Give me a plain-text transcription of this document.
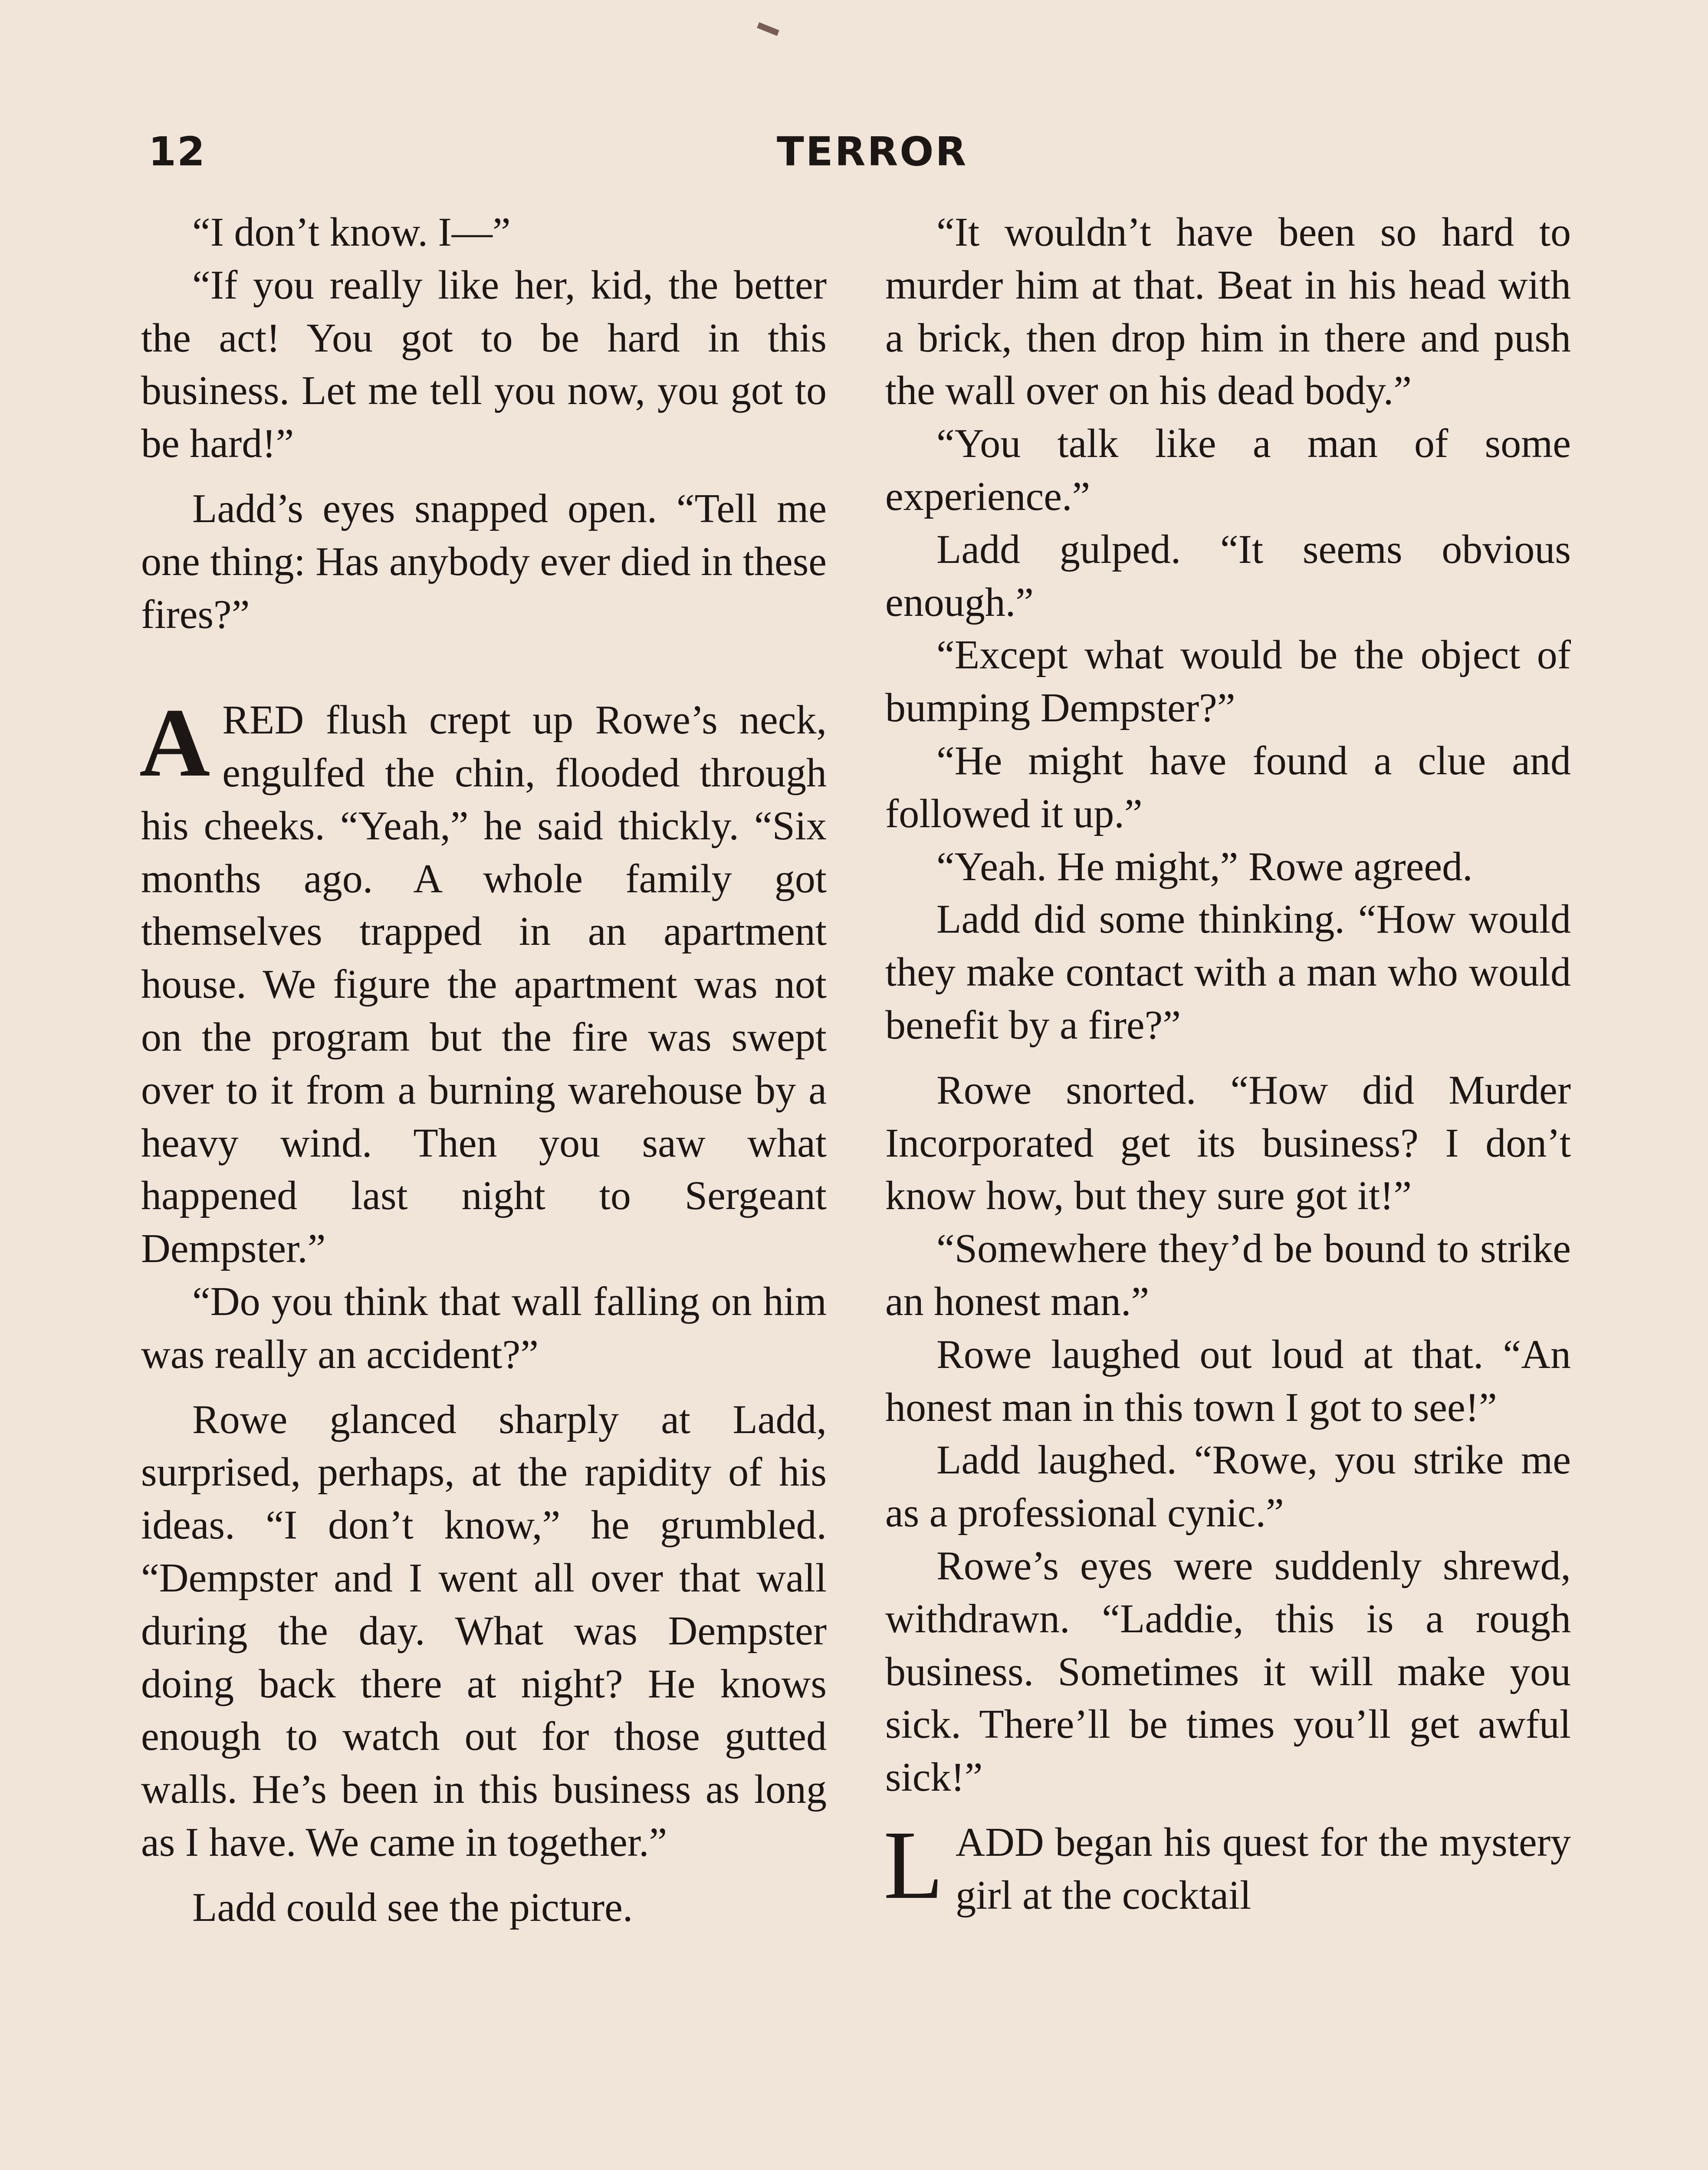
12	TERROR

“I don’t know. I—”

“If you really like her, kid, the better the act! You got to be hard in this business. Let me tell you now, you got to be hard!”

Ladd’s eyes snapped open. “Tell me one thing: Has anybody ever died in these fires?”

ARED flush crept up Rowe’s neck, engulfed the chin, flooded through his cheeks. “Yeah,” he said thickly. “Six months ago. A whole family got themselves trapped in an apartment house. We figure the apartment was not on the program but the fire was swept over to it from a burning warehouse by a heavy wind. Then you saw what happened last night to Sergeant Dempster.”

“Do you think that wall falling on him was really an accident?”

Rowe glanced sharply at Ladd, surprised, perhaps, at the rapidity of his ideas. “I don’t know,” he grumbled. “Dempster and I went all over that wall during the day. What was Dempster doing back there at night? He knows enough to watch out for those gutted walls. He’s been in this business as long as I have. We came in together.”

Ladd could see the picture.

“It wouldn’t have been so hard to murder him at that. Beat in his head with a brick, then drop him in there and push the wall over on his dead body.”

“You talk like a man of some experience.”

Ladd gulped. “It seems obvious enough.”

“Except what would be the object of bumping Dempster?”

“He might have found a clue and followed it up.”

“Yeah. He might,” Rowe agreed.

Ladd did some thinking. “How would they make contact with a man who would benefit by a fire?”

Rowe snorted. “How did Murder Incorporated get its business? I don’t know how, but they sure got it!”

“Somewhere they’d be bound to strike an honest man.”

Rowe laughed out loud at that. “An honest man in this town I got to see!”

Ladd laughed. “Rowe, you strike me as a professional cynic.”

Rowe’s eyes were suddenly shrewd, withdrawn. “Laddie, this is a rough business. Sometimes it will make you sick. There’ll be times you’ll get awful sick!”

LADD began his quest for the mystery girl at the cocktail
